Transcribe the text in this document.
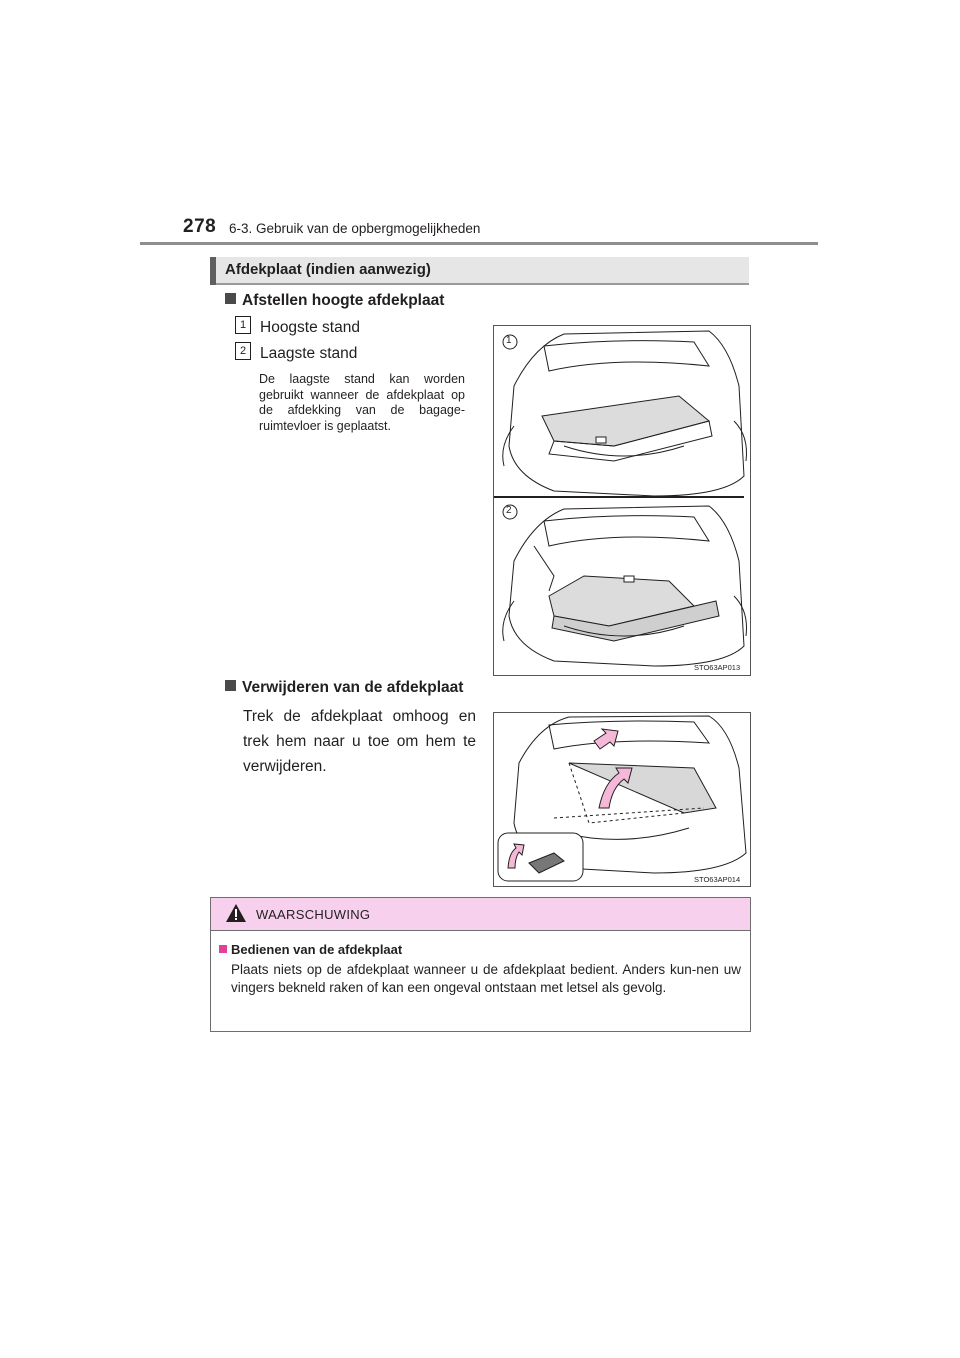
278 6-3. Gebruik van de opbergmogelijkheden
Afdekplaat (indien aanwezig)
Afstellen hoogte afdekplaat
1 Hoogste stand
2 Laagste stand
De laagste stand kan worden gebruikt wanneer de afdekplaat op de afdekking van de bagage-ruimtevloer is geplaatst.
1
2
STO63AP013
Verwijderen van de afdekplaat
Trek de afdekplaat omhoog en trek hem naar u toe om hem te verwijderen.
STO63AP014
WAARSCHUWING
Bedienen van de afdekplaat
Plaats niets op de afdekplaat wanneer u de afdekplaat bedient. Anders kun-nen uw vingers bekneld raken of kan een ongeval ontstaan met letsel als gevolg.
